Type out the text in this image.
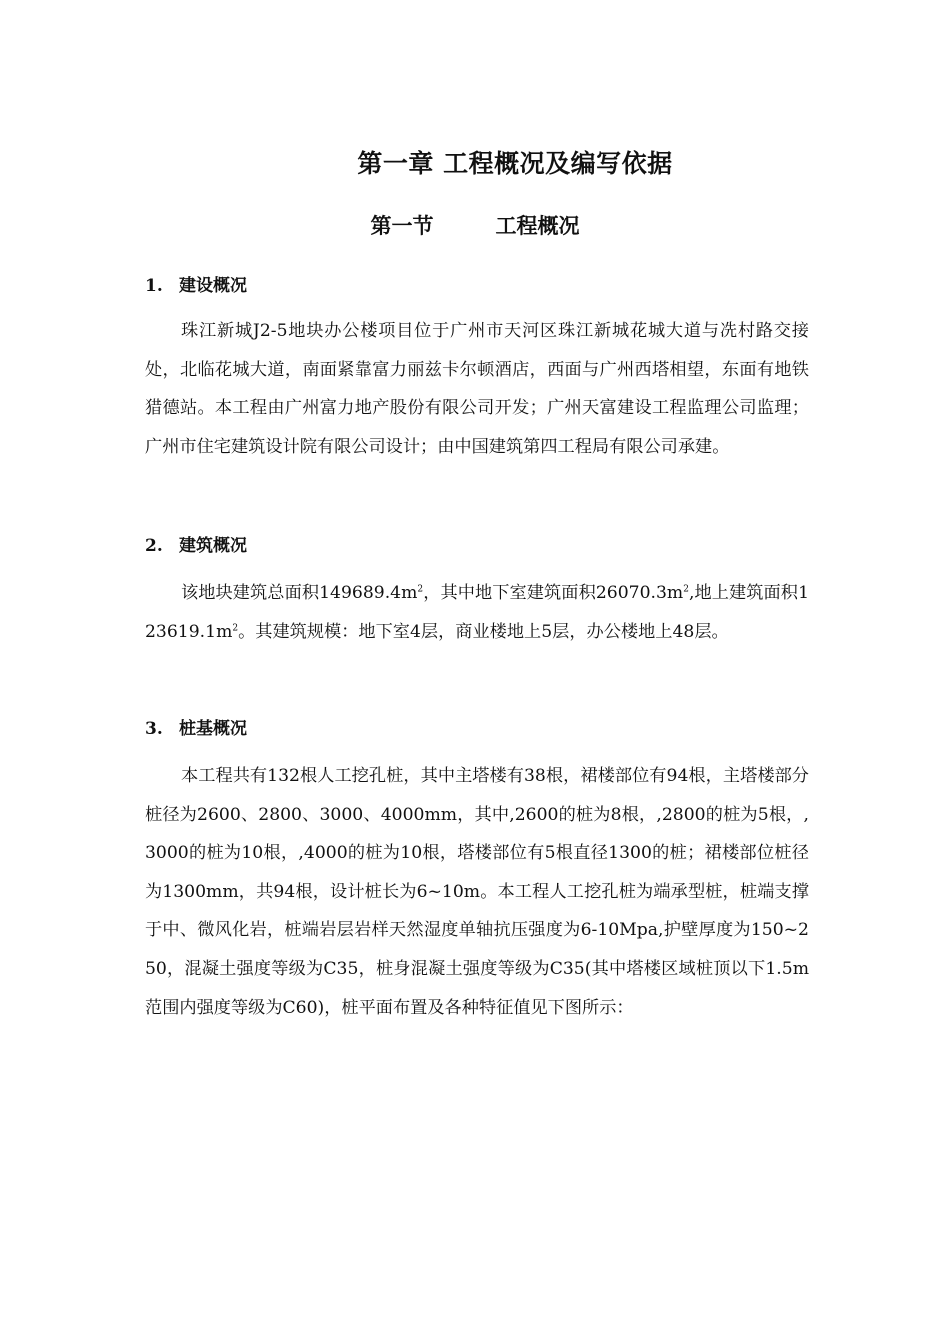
第一章 工程概况及编写依据
第一节	工程概况
1. 建设概况
珠江新城J2-5地块办公楼项目位于广州市天河区珠江新城花城大道与冼村路交接处，北临花城大道，南面紧靠富力丽兹卡尔顿酒店，西面与广州西塔相望，东面有地铁猎德站。本工程由广州富力地产股份有限公司开发；广州天富建设工程监理公司监理；广州市住宅建筑设计院有限公司设计；由中国建筑第四工程局有限公司承建。
2. 建筑概况
该地块建筑总面积$149689.4m^2$，其中地下室建筑面积$26070.3m^2$,地上建筑面积$123619.1m^2$。其建筑规模：地下室4层，商业楼地上5层，办公楼地上48层。
3. 桩基概况
本工程共有132根人工挖孔桩，其中主塔楼有38根，裙楼部位有94根，主塔楼部分桩径为2600、2800、3000、4000mm，其中,2600的桩为8根，,2800的桩为5根，,3000的桩为10根，,4000的桩为10根，塔楼部位有5根直径1300的桩；裙楼部位桩径为1300mm，共94根，设计桩长为6~10m。本工程人工挖孔桩为端承型桩，桩端支撑于中、微风化岩，桩端岩层岩样天然湿度单轴抗压强度为6-10Mpa,护壁厚度为150~250，混凝土强度等级为C35，桩身混凝土强度等级为C35(其中塔楼区域桩顶以下1.5m范围内强度等级为C60)，桩平面布置及各种特征值见下图所示：
